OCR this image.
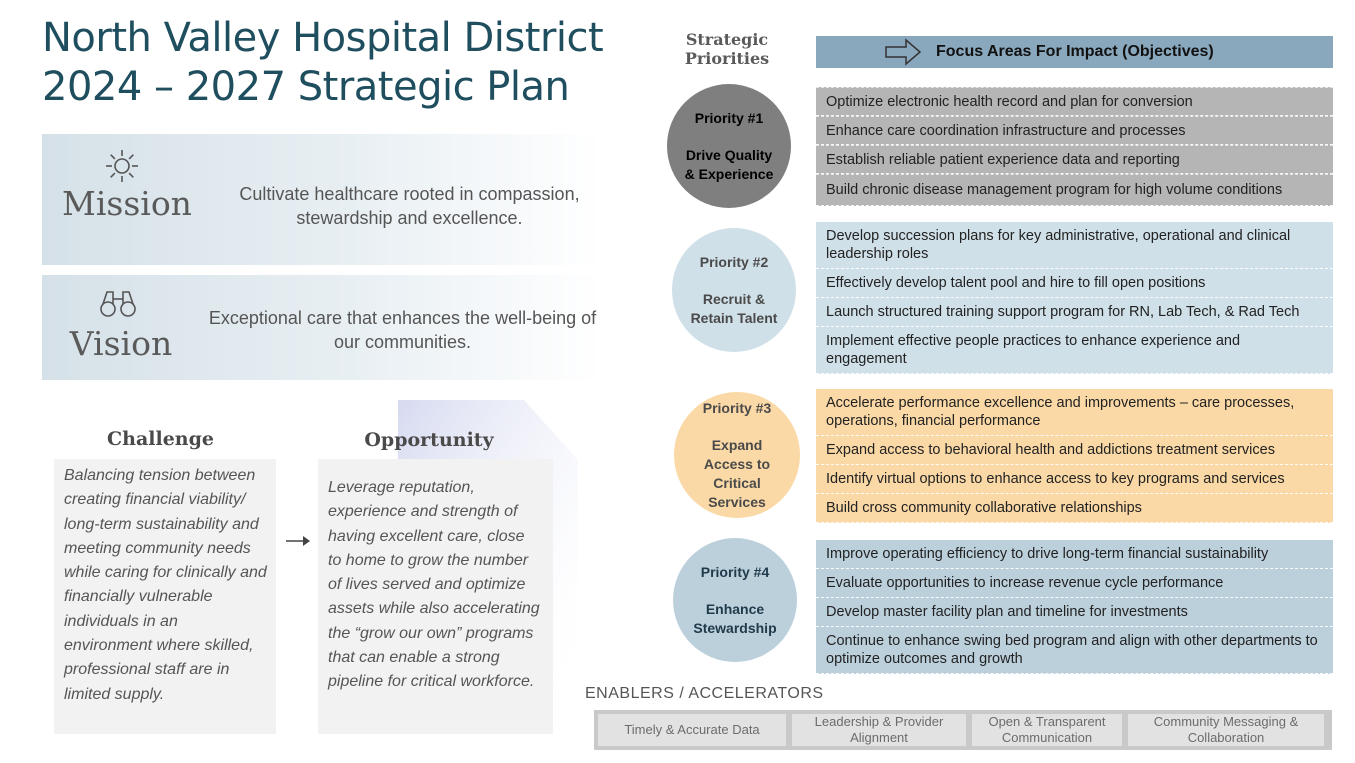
North Valley Hospital District
2024 – 2027 Strategic Plan
Mission	Cultivate healthcare rooted in compassion, stewardship and excellence.
Vision
Exceptional care that enhances the well-being of our communities.
Challenge
Balancing tension between creating financial viability/ long-term sustainability and meeting community needs while caring for clinically and financially vulnerable individuals in an environment where skilled, professional staff are in limited supply.
Opportunity
Leverage reputation, experience and strength of having excellent care, close to home to grow the number of lives served and optimize assets while also accelerating the “grow our own” programs that can enable a strong pipeline for critical workforce.
Strategic Priorities	Focus Areas For Impact (Objectives)
Priority #1
Drive Quality & Experience
Priority #2
Recruit & Retain Talent
Priority #3
Expand Access to Critical Services
Priority #4
Enhance Stewardship
Optimize electronic health record and plan for conversion
Enhance care coordination infrastructure and processes
Establish reliable patient experience data and reporting
Build chronic disease management program for high volume conditions
Develop succession plans for key administrative, operational and clinical leadership roles
Effectively develop talent pool and hire to fill open positions
Launch structured training support program for RN, Lab Tech, & Rad Tech
Implement effective people practices to enhance experience and engagement
Accelerate performance excellence and improvements – care processes, operations, financial performance
Expand access to behavioral health and addictions treatment services
Identify virtual options to enhance access to key programs and services
Build cross community collaborative relationships
Improve operating efficiency to drive long-term financial sustainability
Evaluate opportunities to increase revenue cycle performance
Develop master facility plan and timeline for investments
Continue to enhance swing bed program and align with other departments to optimize outcomes and growth
ENABLERS / ACCELERATORS
Timely & Accurate Data
Leadership & Provider Alignment
Open & Transparent Communication
Community Messaging & Collaboration
